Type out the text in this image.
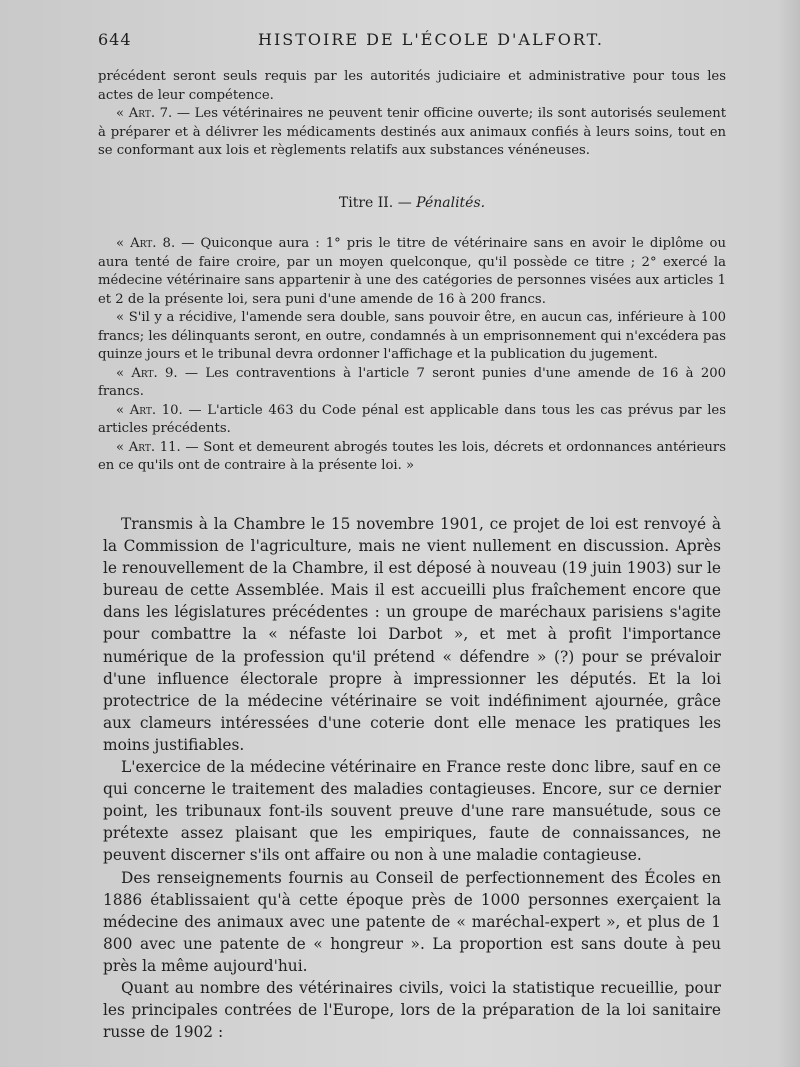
644	HISTOIRE DE L'ÉCOLE D'ALFORT.

précédent seront seuls requis par les autorités judiciaire et administrative pour tous les actes de leur compétence.

« Art. 7. — Les vétérinaires ne peuvent tenir officine ouverte; ils sont autorisés seulement à préparer et à délivrer les médicaments destinés aux animaux confiés à leurs soins, tout en se conformant aux lois et règlements relatifs aux substances vénéneuses.

Titre II. — Pénalités.

« Art. 8. — Quiconque aura : 1° pris le titre de vétérinaire sans en avoir le diplôme ou aura tenté de faire croire, par un moyen quelconque, qu'il possède ce titre ; 2° exercé la médecine vétérinaire sans appartenir à une des catégories de personnes visées aux articles 1 et 2 de la présente loi, sera puni d'une amende de 16 à 200 francs.

« S'il y a récidive, l'amende sera double, sans pouvoir être, en aucun cas, inférieure à 100 francs; les délinquants seront, en outre, condamnés à un emprisonnement qui n'excédera pas quinze jours et le tribunal devra ordonner l'affichage et la publication du jugement.

« Art. 9. — Les contraventions à l'article 7 seront punies d'une amende de 16 à 200 francs.

« Art. 10. — L'article 463 du Code pénal est applicable dans tous les cas prévus par les articles précédents.

« Art. 11. — Sont et demeurent abrogés toutes les lois, décrets et ordonnances antérieurs en ce qu'ils ont de contraire à la présente loi. »

Transmis à la Chambre le 15 novembre 1901, ce projet de loi est renvoyé à la Commission de l'agriculture, mais ne vient nullement en discussion. Après le renouvellement de la Chambre, il est déposé à nouveau (19 juin 1903) sur le bureau de cette Assemblée. Mais il est accueilli plus fraîchement encore que dans les législatures précédentes : un groupe de maréchaux parisiens s'agite pour combattre la « néfaste loi Darbot », et met à profit l'importance numérique de la profession qu'il prétend « défendre » (?) pour se prévaloir d'une influence électorale propre à impressionner les députés. Et la loi protectrice de la médecine vétérinaire se voit indéfiniment ajournée, grâce aux clameurs intéressées d'une coterie dont elle menace les pratiques les moins justifiables.

L'exercice de la médecine vétérinaire en France reste donc libre, sauf en ce qui concerne le traitement des maladies contagieuses. Encore, sur ce dernier point, les tribunaux font-ils souvent preuve d'une rare mansuétude, sous ce prétexte assez plaisant que les empiriques, faute de connaissances, ne peuvent discerner s'ils ont affaire ou non à une maladie contagieuse.

Des renseignements fournis au Conseil de perfectionnement des Écoles en 1886 établissaient qu'à cette époque près de 1000 personnes exerçaient la médecine des animaux avec une patente de « maréchal-expert », et plus de 1 800 avec une patente de « hongreur ». La proportion est sans doute à peu près la même aujourd'hui.

Quant au nombre des vétérinaires civils, voici la statistique recueillie, pour les principales contrées de l'Europe, lors de la préparation de la loi sanitaire russe de 1902 :
